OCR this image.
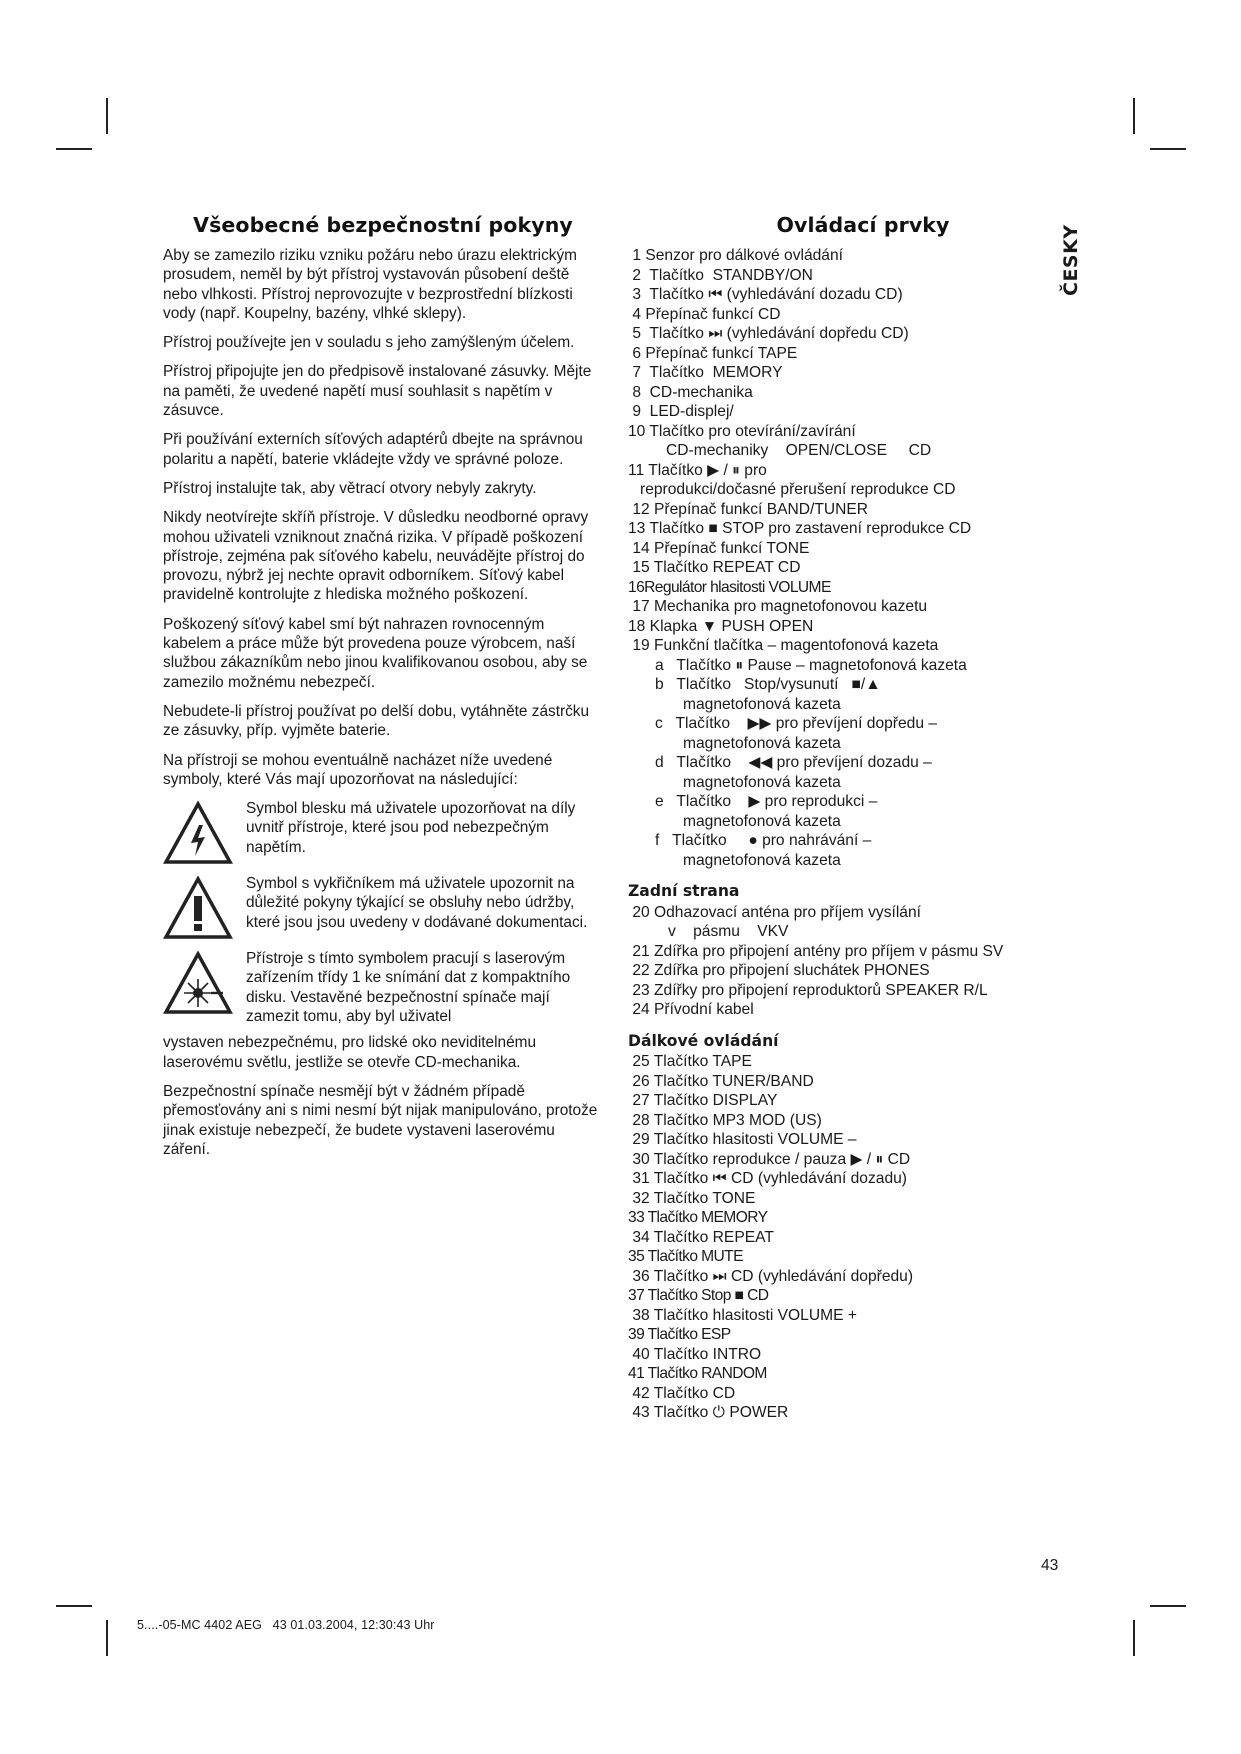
ČESKY
Všeobecné bezpečnostní pokyny

Aby se zamezilo riziku vzniku požáru nebo úrazu elektrickým prosudem, neměl by být přístroj vystavován působení deště nebo vlhkosti. Přístroj neprovozujte v bezprostřední blízkosti vody (např. Koupelny, bazény, vlhké sklepy).

Přístroj používejte jen v souladu s jeho zamýšleným účelem.

Přístroj připojujte jen do předpisově instalované zásuvky. Mějte na paměti, že uvedené napětí musí souhlasit s napětím v zásuvce.

Při používání externích síťových adaptérů dbejte na správnou polaritu a napětí, baterie vkládejte vždy ve správné poloze.

Přístroj instalujte tak, aby větrací otvory nebyly zakryty.

Nikdy neotvírejte skříň přístroje. V důsledku neodborné opravy mohou uživateli vzniknout značná rizika. V případě poškození přístroje, zejména pak síťového kabelu, neuvádějte přístroj do provozu, nýbrž jej nechte opravit odborníkem. Síťový kabel pravidelně kontrolujte z hlediska možného poškození.

Poškozený síťový kabel smí být nahrazen rovnocenným kabelem a práce může být provedena pouze výrobcem, naší službou zákazníkům nebo jinou kvalifikovanou osobou, aby se zamezilo možnému nebezpečí.

Nebudete-li přístroj používat po delší dobu, vytáhněte zástrčku ze zásuvky, příp. vyjměte baterie.

Na přístroji se mohou eventuálně nacházet níže uvedené symboly, které Vás mají upozorňovat na následující:

Symbol blesku má uživatele upozorňovat na díly uvnitř přístroje, které jsou pod nebezpečným napětím.
Symbol s vykřičníkem má uživatele upozornit na důležité pokyny týkající se obsluhy nebo údržby, které jsou jsou uvedeny v dodávané dokumentaci.
Přístroje s tímto symbolem pracují s laserovým zařízením třídy 1 ke snímání dat z kompaktního disku. Vestavěné bezpečnostní spínače mají zamezit tomu, aby byl uživatel
vystaven nebezpečnému, pro lidské oko neviditelnému laserovému světlu, jestliže se otevře CD-mechanika.

Bezpečnostní spínače nesmějí být v žádném případě přemosťovány ani s nimi nesmí být nijak manipulováno, protože jinak existuje nebezpečí, že budete vystaveni laserovému záření.

Ovládací prvky
1 Senzor pro dálkové ovládání
2  Tlačítko  STANDBY/ON
3  Tlačítko ⏮ (vyhledávání dozadu CD)
4 Přepínač funkcí CD
5  Tlačítko ⏭ (vyhledávání dopředu CD)
6 Přepínač funkcí TAPE
7  Tlačítko  MEMORY
8  CD-mechanika
9  LED-displej/
10 Tlačítko pro otevírání/zavírání
CD-mechaniky    OPEN/CLOSE     CD
11 Tlačítko ▶ / ⏸ pro
reprodukci/dočasné přerušení reprodukce CD
12 Přepínač funkcí BAND/TUNER
13 Tlačítko ■ STOP pro zastavení reprodukce CD
14 Přepínač funkcí TONE
15 Tlačítko REPEAT CD
16Regulátor hlasitosti VOLUME
17 Mechanika pro magnetofonovou kazetu
18 Klapka ▼ PUSH OPEN
19 Funkční tlačítka – magentofonová kazeta
a Tlačítko ⏸ Pause – magnetofonová kazeta
b Tlačítko   Stop/vysunutí   ■/▲
magnetofonová kazeta
c Tlačítko    ▶▶ pro převíjení dopředu –
magnetofonová kazeta
d Tlačítko    ◀◀ pro převíjení dozadu –
magnetofonová kazeta
e Tlačítko    ▶ pro reprodukci –
magnetofonová kazeta
f Tlačítko     ● pro nahrávání –
magnetofonová kazeta
Zadní strana
20 Odhazovací anténa pro příjem vysílání
v    pásmu    VKV
21 Zdířka pro připojení antény pro příjem v pásmu SV
22 Zdířka pro připojení sluchátek PHONES
23 Zdířky pro připojení reproduktorů SPEAKER R/L
24 Přívodní kabel
Dálkové ovládání
25 Tlačítko TAPE
26 Tlačítko TUNER/BAND
27 Tlačítko DISPLAY
28 Tlačítko MP3 MOD (US)
29 Tlačítko hlasitosti VOLUME –
30 Tlačítko reprodukce / pauza ▶ / ⏸ CD
31 Tlačítko ⏮ CD (vyhledávání dozadu)
32 Tlačítko TONE
33 Tlačítko MEMORY
34 Tlačítko REPEAT
35 Tlačítko MUTE
36 Tlačítko ⏭ CD (vyhledávání dopředu)
37 Tlačítko Stop ■ CD
38 Tlačítko hlasitosti VOLUME +
39 Tlačítko ESP
40 Tlačítko INTRO
41 Tlačítko RANDOM
42 Tlačítko CD
43 Tlačítko ⏻ POWER
43
5....-05-MC 4402 AEG   43 01.03.2004, 12:30:43 Uhr
